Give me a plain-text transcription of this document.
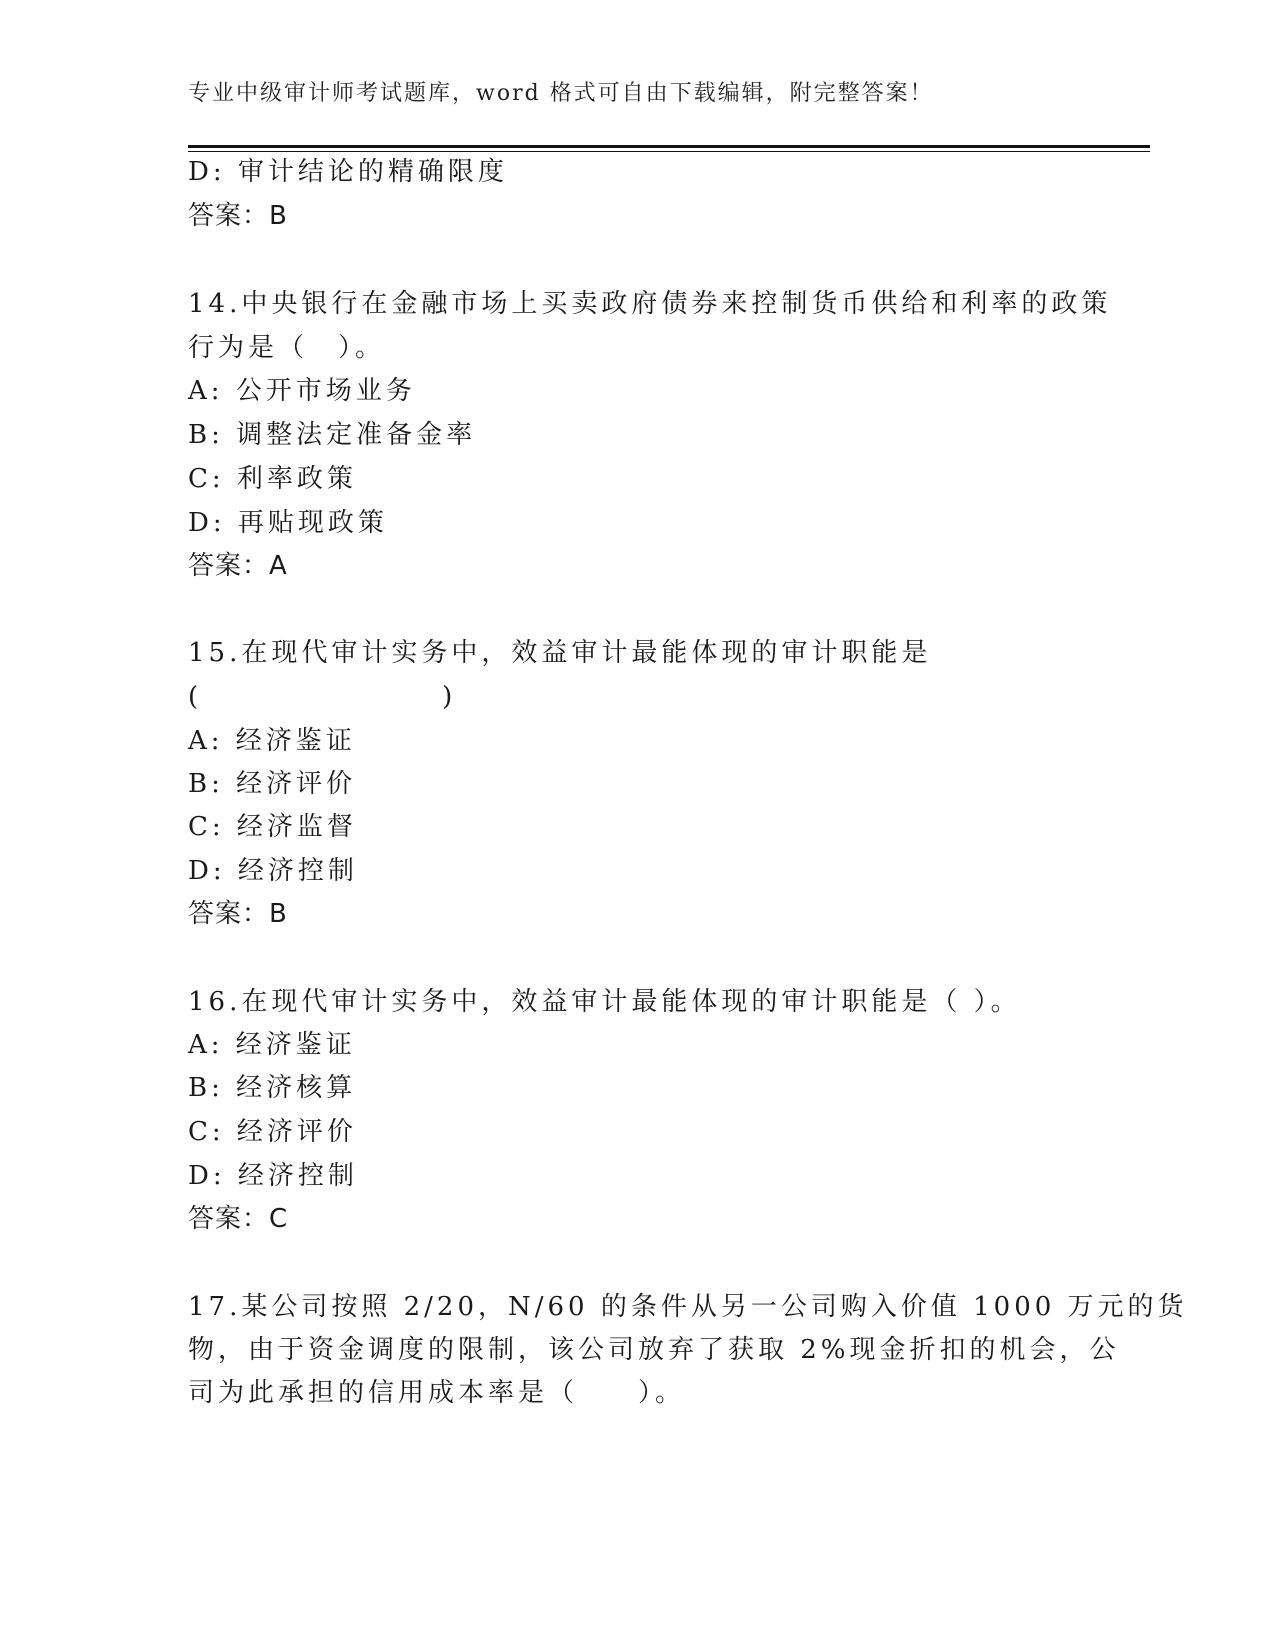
专业中级审计师考试题库，word 格式可自由下载编辑，附完整答案！
D: 审计结论的精确限度
答案：B
14.中央银行在金融市场上买卖政府债券来控制货币供给和利率的政策
行为是（　）。
A: 公开市场业务
B: 调整法定准备金率
C: 利率政策
D: 再贴现政策
答案：A
15.在现代审计实务中，效益审计最能体现的审计职能是
(　　　　　　　　)
A: 经济鉴证
B: 经济评价
C: 经济监督
D: 经济控制
答案：B
16.在现代审计实务中，效益审计最能体现的审计职能是（ ）。
A: 经济鉴证
B: 经济核算
C: 经济评价
D: 经济控制
答案：C
17.某公司按照 2/20，N/60 的条件从另一公司购入价值 1000 万元的货
物，由于资金调度的限制，该公司放弃了获取 2%现金折扣的机会，公
司为此承担的信用成本率是（　　）。
